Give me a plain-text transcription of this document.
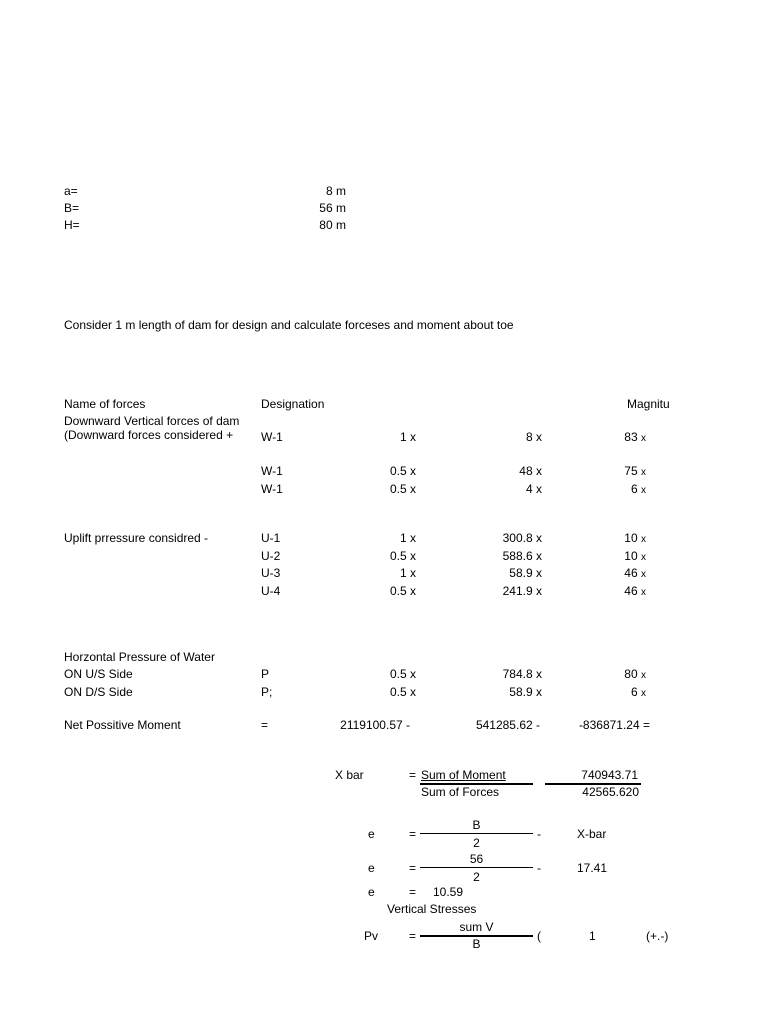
a=	8 m
B=	56 m
H=	80 m
Consider 1 m length of dam for design and calculate forceses and moment about toe
Name of forces	Designation	Magnitu
Downward Vertical forces of dam
(Downward forces considered + W-1	1 x	8 x	83 x
W-1	0.5 x	48 x	75 x
W-1	0.5 x	4 x	6 x
Uplift prressure considred -	U-1	1 x	300.8 x	10 x
U-2	0.5 x	588.6 x	10 x
U-3	1 x	58.9 x	46 x
U-4	0.5 x	241.9 x	46 x
Horzontal Pressure of Water
ON U/S Side	P	0.5 x	784.8 x	80 x
ON D/S Side	P;	0.5 x	58.9 x	6 x
Net Possitive Moment	=	2119100.57 -	541285.62 -	-836871.24 =
X bar	= Sum of Moment
Sum of Forces
740943.71
42565.620
e	=
B
2
-	X-bar
e	=
56
2
-	17.41
e	= 10.59
Vertical Stresses
Pv	=
sum V
B
(	1	(+.-)
